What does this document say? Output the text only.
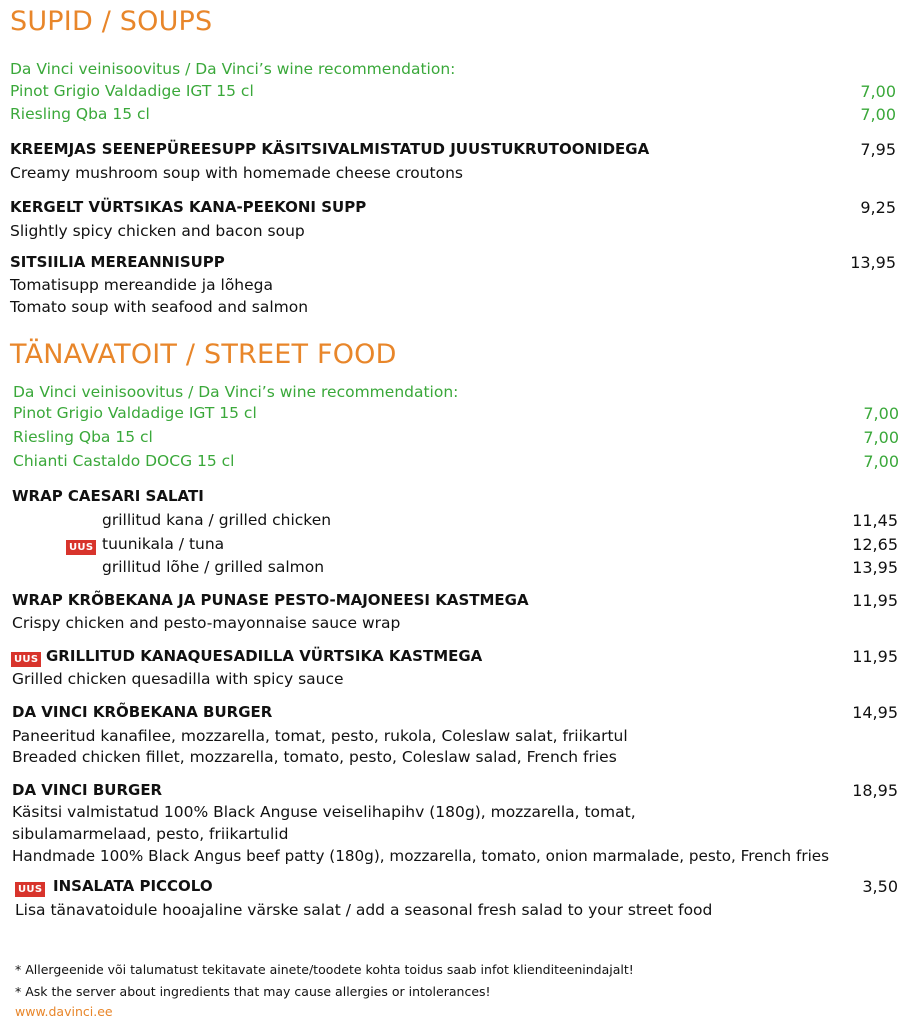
SUPID / SOUPS
Da Vinci veinisoovitus / Da Vinci’s wine recommendation:
Pinot Grigio Valdadige IGT 15 cl	7,00
Riesling Qba 15 cl	7,00
KREEMJAS SEENEPÜREESUPP KÄSITSIVALMISTATUD JUUSTUKRUTOONIDEGA	7,95
Creamy mushroom soup with homemade cheese croutons
KERGELT VÜRTSIKAS KANA-PEEKONI SUPP	9,25
Slightly spicy chicken and bacon soup
SITSIILIA MEREANNISUPP	13,95
Tomatisupp mereandide ja lõhega
Tomato soup with seafood and salmon
TÄNAVATOIT / STREET FOOD
Da Vinci veinisoovitus / Da Vinci’s wine recommendation:
Pinot Grigio Valdadige IGT 15 cl	7,00
Riesling Qba 15 cl	7,00
Chianti Castaldo DOCG 15 cl	7,00
WRAP CAESARI SALATI
grillitud kana / grilled chicken	11,45
UUS tuunikala / tuna	12,65
grillitud lõhe / grilled salmon	13,95
WRAP KRÕBEKANA JA PUNASE PESTO-MAJONEESI KASTMEGA	11,95
Crispy chicken and pesto-mayonnaise sauce wrap
UUS GRILLITUD KANAQUESADILLA VÜRTSIKA KASTMEGA	11,95
Grilled chicken quesadilla with spicy sauce
DA VINCI KRÕBEKANA BURGER	14,95
Paneeritud kanafilee, mozzarella, tomat, pesto, rukola, Coleslaw salat, friikartul
Breaded chicken fillet, mozzarella, tomato, pesto, Coleslaw salad, French fries
DA VINCI BURGER	18,95
Käsitsi valmistatud 100% Black Anguse veiselihapihv (180g), mozzarella, tomat,
sibulamarmelaad, pesto, friikartulid
Handmade 100% Black Angus beef patty (180g), mozzarella, tomato, onion marmalade, pesto, French fries
UUS INSALATA PICCOLO	3,50
Lisa tänavatoidule hooajaline värske salat / add a seasonal fresh salad to your street food
* Allergeenide või talumatust tekitavate ainete/toodete kohta toidus saab infot klienditeenindajalt!
* Ask the server about ingredients that may cause allergies or intolerances!
www.davinci.ee
